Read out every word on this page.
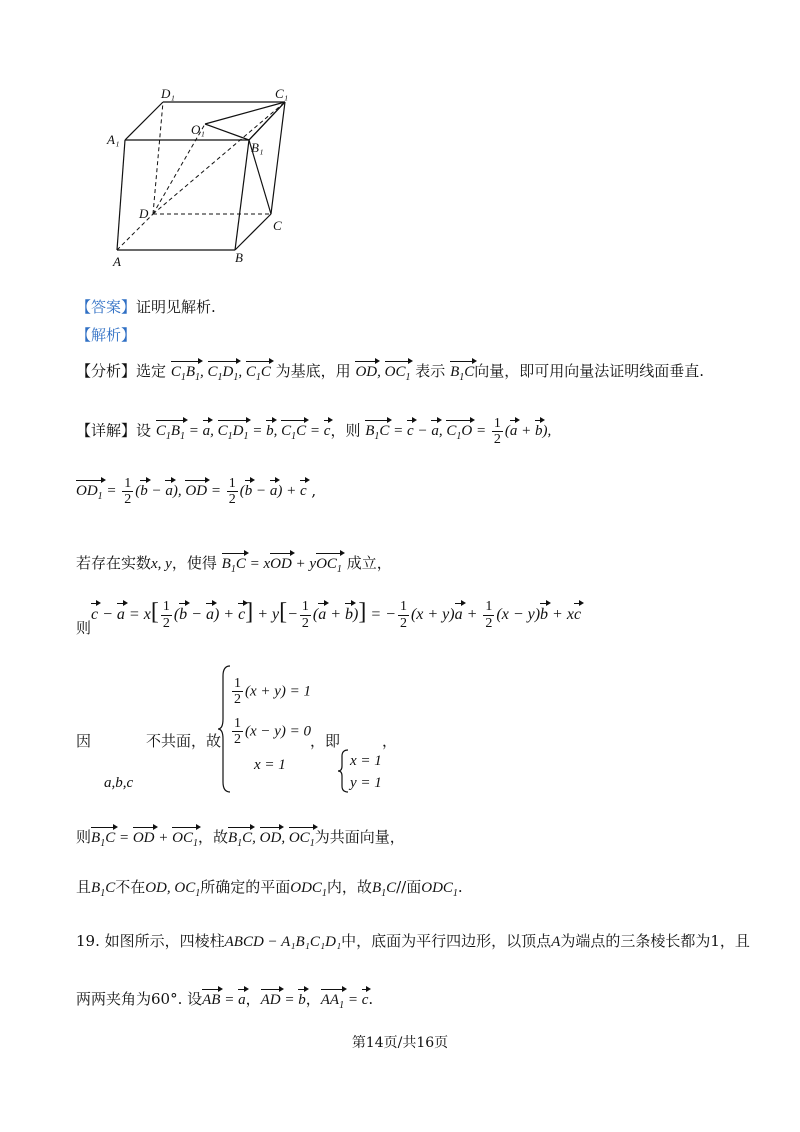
D₁	C₁
O₁
A₁
B₁
D
C
A	B
【答案】证明见解析.
【解析】
【分析】选定 $C_1B_1$, $C_1D_1$, $C_1C$ 为基底，用 OD, $OC_1$ 表示 $B_1C$向量，即可用向量法证明线面垂直.
【详解】设 $C_1B_1 = a$, $C_1D_1 = b$, $C_1C = c$，则 $B_1C = c - a$, $C_1O = \frac{1}{2} (a + b)$,
$OD_1 = \frac{1}{2} (b - a)$, OD = $\frac{1}{2} (b - a) + c$ ,
若存在实数x, y，使得 $B_1C$ = xOD + yOC$_1$ 成立，
则$c - a = x[ \frac{1}{2} (b - a) + c] + y[- \frac{1}{2} (a + b)]$ = − $\frac{1}{2} (x + y)a + \frac{1}{2} (x - y)b$ + xc
因	不共面，故
a,b,c
$\frac{1}{2} (x + y) = 1$
$\frac{1}{2} (x - y) = 0$
x = 1
，即	，
x = 1
y = 1
则$B_1C$ = OD + $OC_1$，故$B_1C$, OD, $OC_1$为共面向量，
且$B_1C$不在OD, $OC_1$所确定的平面$ODC_1$内，故$B_1C//$面$ODC_1$.
19. 如图所示，四棱柱ABCD − A₁B₁C₁D₁中，底面为平行四边形，以顶点A为端点的三条棱长都为1，且
两两夹角为60°. 设AB = a，AD = b，$AA_1 = c$.
第14页/共16页
